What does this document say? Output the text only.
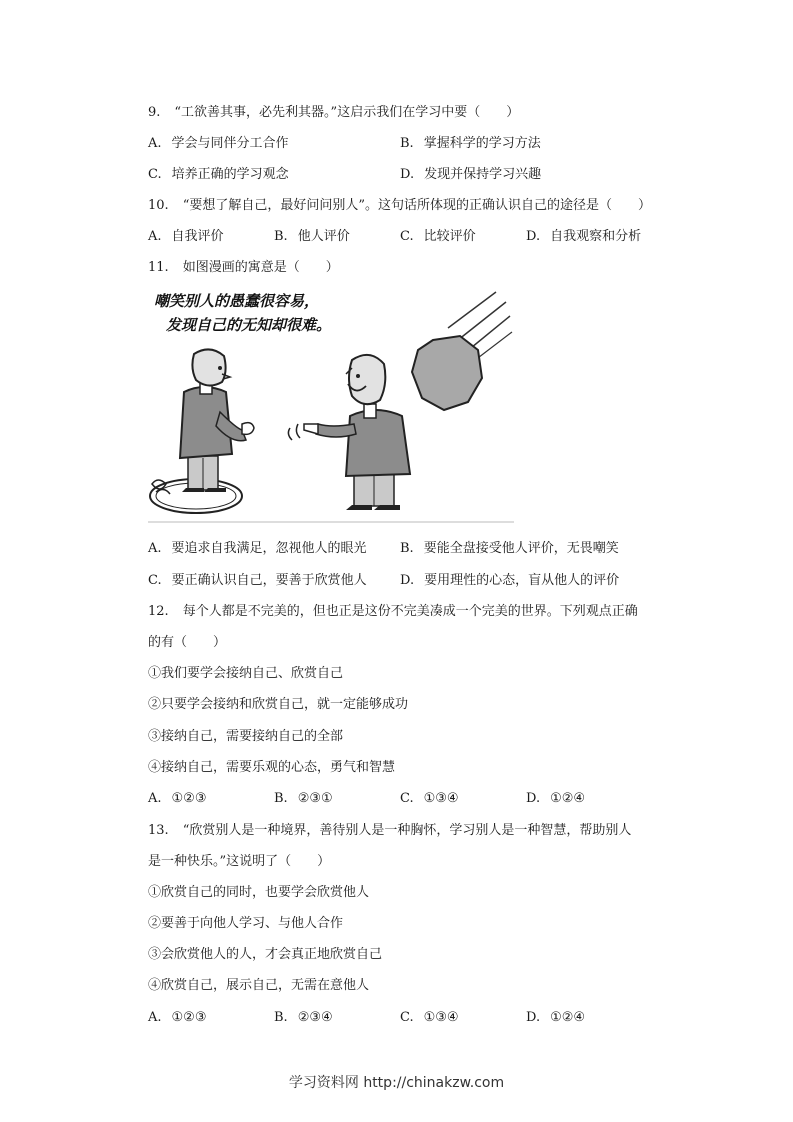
9. “工欲善其事，必先利其器。”这启示我们在学习中要（　　）
A. 学会与同伴分工合作	B. 掌握科学的学习方法
C. 培养正确的学习观念	D. 发现并保持学习兴趣
10. “要想了解自己，最好问问别人”。这句话所体现的正确认识自己的途径是（　　）
A. 自我评价	B. 他人评价	C. 比较评价	D. 自我观察和分析
11. 如图漫画的寓意是（　　）
嘲笑别人的愚蠢很容易，
发现自己的无知却很难。
A. 要追求自我满足，忽视他人的眼光	B. 要能全盘接受他人评价，无畏嘲笑
C. 要正确认识自己，要善于欣赏他人	D. 要用理性的心态，盲从他人的评价
12. 每个人都是不完美的，但也正是这份不完美凑成一个完美的世界。下列观点正确
的有（　　）
①我们要学会接纳自己、欣赏自己
②只要学会接纳和欣赏自己，就一定能够成功
③接纳自己，需要接纳自己的全部
④接纳自己，需要乐观的心态，勇气和智慧
A. ①②③	B. ②③①	C. ①③④	D. ①②④
13. “欣赏别人是一种境界，善待别人是一种胸怀，学习别人是一种智慧，帮助别人
是一种快乐。”这说明了（　　）
①欣赏自己的同时，也要学会欣赏他人
②要善于向他人学习、与他人合作
③会欣赏他人的人，才会真正地欣赏自己
④欣赏自己，展示自己，无需在意他人
A. ①②③	B. ②③④	C. ①③④	D. ①②④
学习资料网 http://chinakzw.com
